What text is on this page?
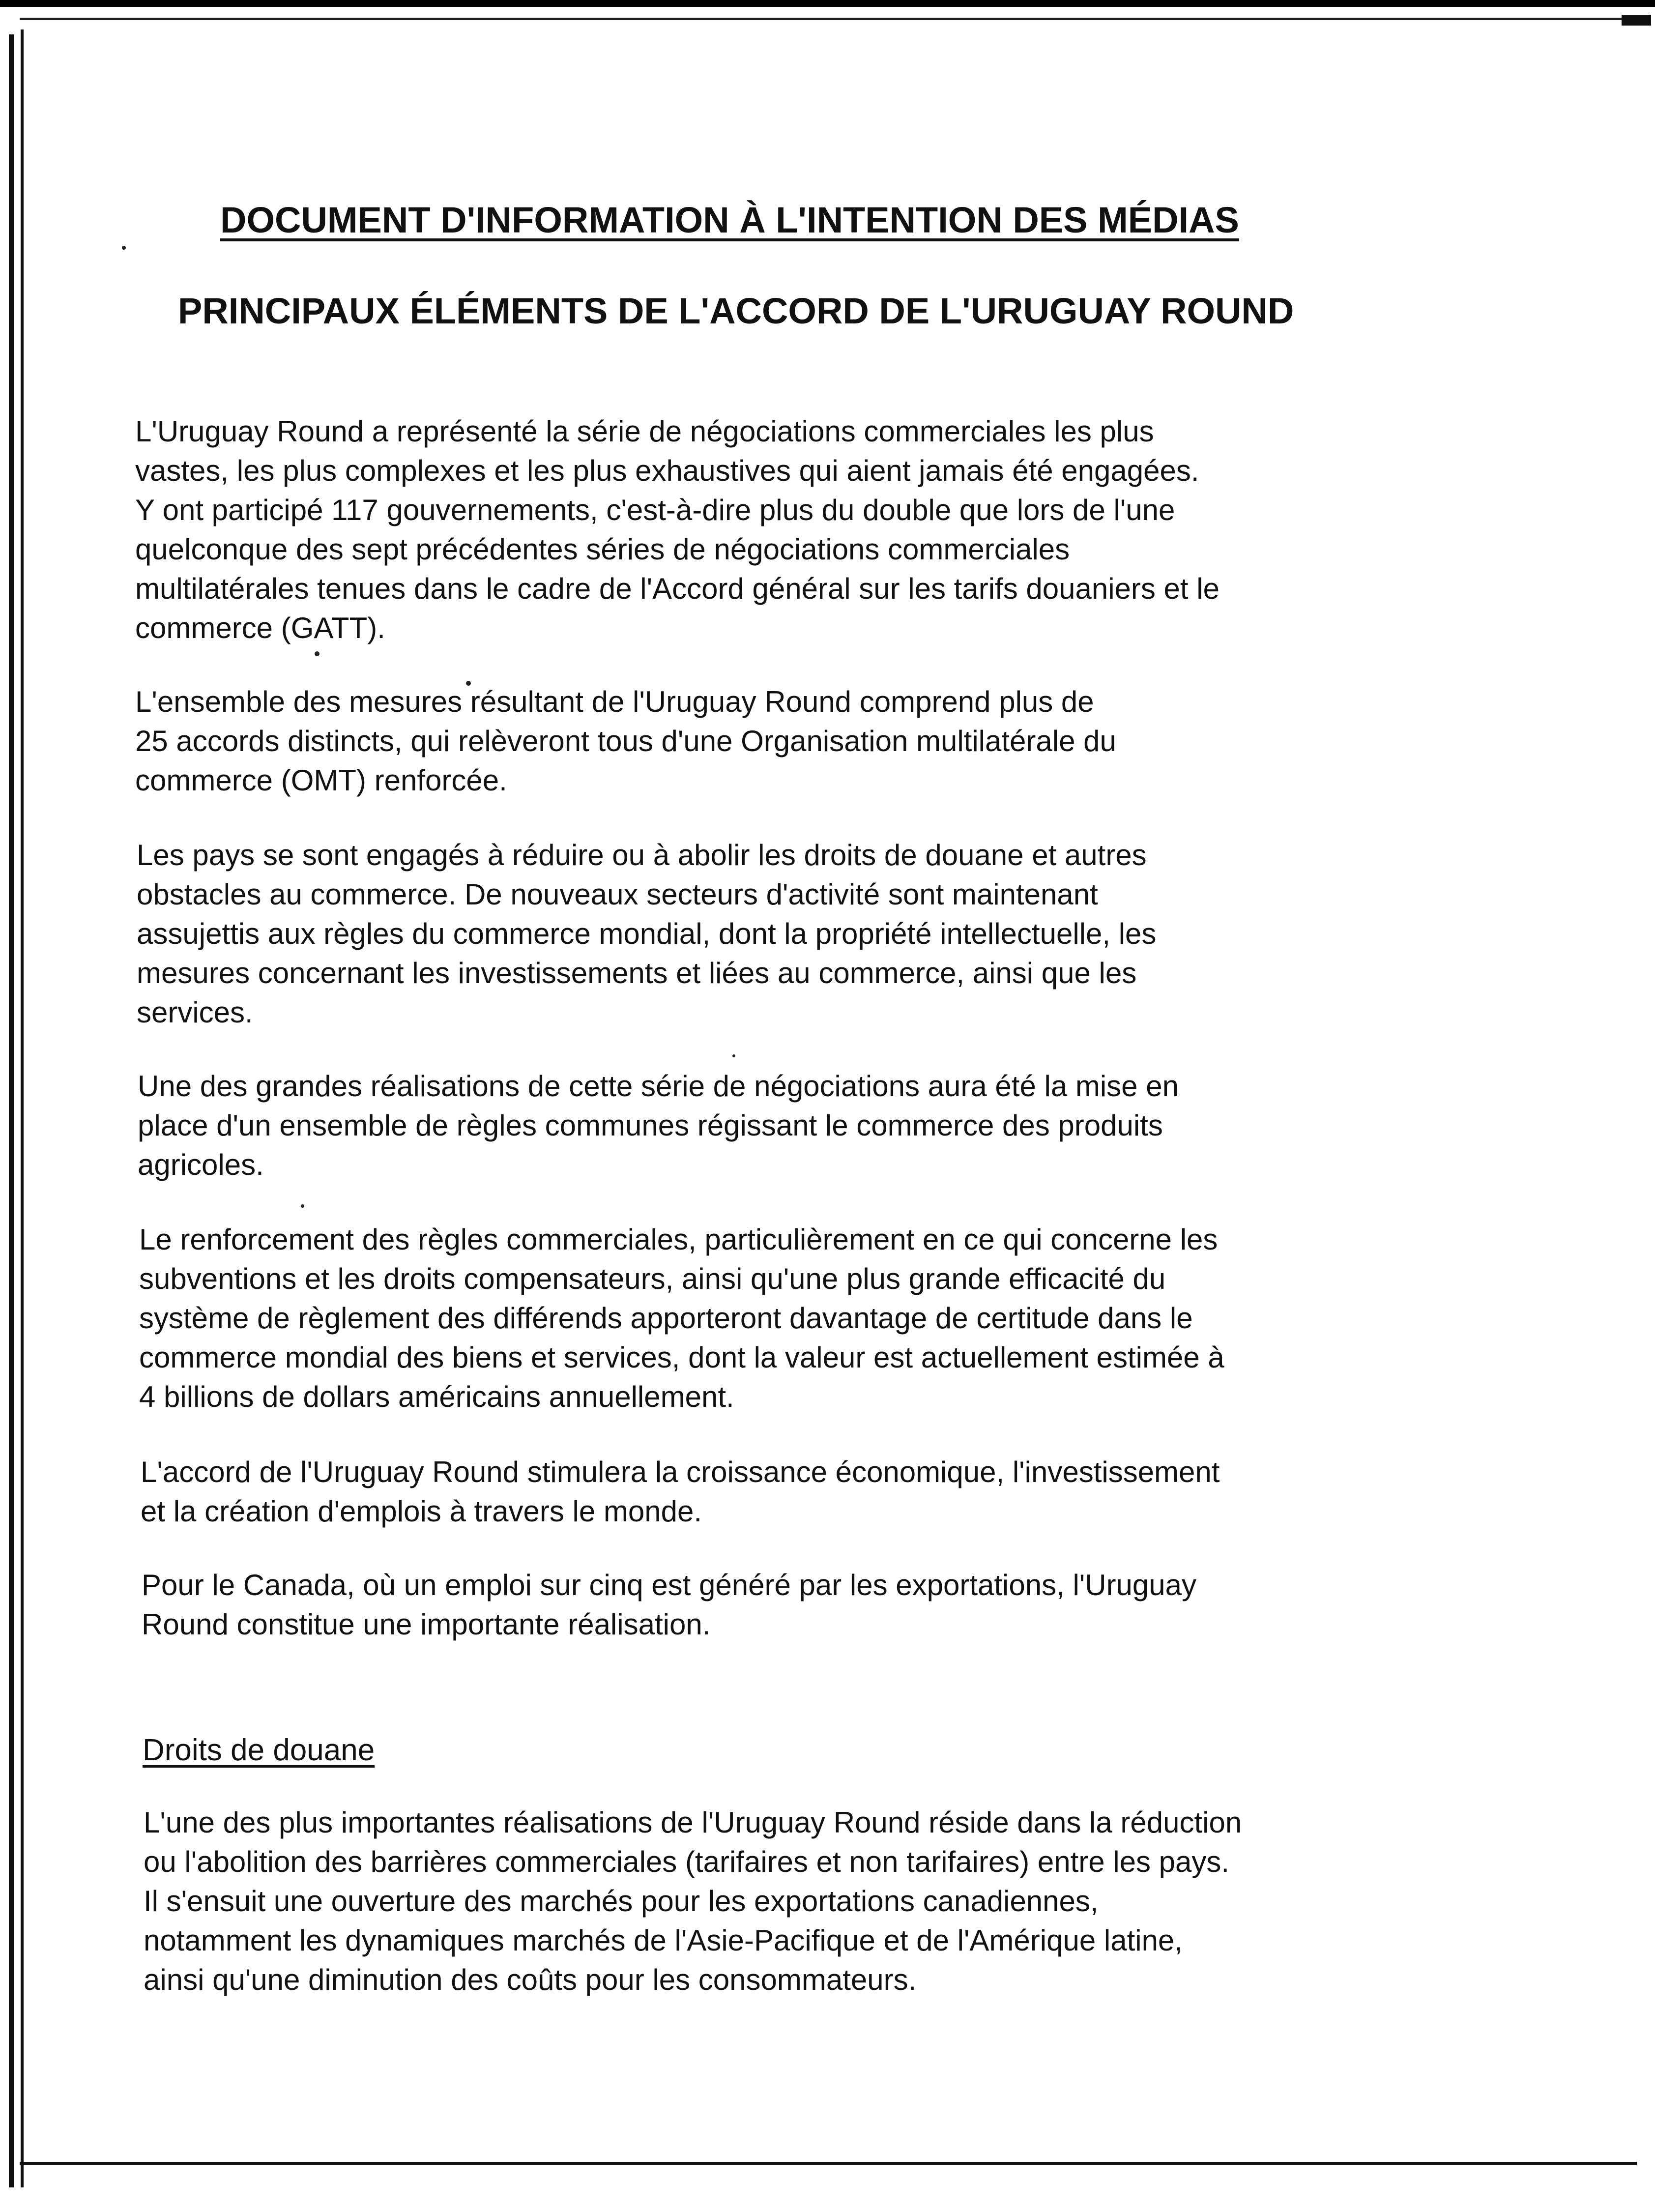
DOCUMENT D'INFORMATION À L'INTENTION DES MÉDIAS
PRINCIPAUX ÉLÉMENTS DE L'ACCORD DE L'URUGUAY ROUND
L'Uruguay Round a représenté la série de négociations commerciales les plus
vastes, les plus complexes et les plus exhaustives qui aient jamais été engagées.
Y ont participé 117 gouvernements, c'est-à-dire plus du double que lors de l'une
quelconque des sept précédentes séries de négociations commerciales
multilatérales tenues dans le cadre de l'Accord général sur les tarifs douaniers et le
commerce (GATT).
L'ensemble des mesures résultant de l'Uruguay Round comprend plus de
25 accords distincts, qui relèveront tous d'une Organisation multilatérale du
commerce (OMT) renforcée.
Les pays se sont engagés à réduire ou à abolir les droits de douane et autres
obstacles au commerce. De nouveaux secteurs d'activité sont maintenant
assujettis aux règles du commerce mondial, dont la propriété intellectuelle, les
mesures concernant les investissements et liées au commerce, ainsi que les
services.
Une des grandes réalisations de cette série de négociations aura été la mise en
place d'un ensemble de règles communes régissant le commerce des produits
agricoles.
Le renforcement des règles commerciales, particulièrement en ce qui concerne les
subventions et les droits compensateurs, ainsi qu'une plus grande efficacité du
système de règlement des différends apporteront davantage de certitude dans le
commerce mondial des biens et services, dont la valeur est actuellement estimée à
4 billions de dollars américains annuellement.
L'accord de l'Uruguay Round stimulera la croissance économique, l'investissement
et la création d'emplois à travers le monde.
Pour le Canada, où un emploi sur cinq est généré par les exportations, l'Uruguay
Round constitue une importante réalisation.
Droits de douane
L'une des plus importantes réalisations de l'Uruguay Round réside dans la réduction
ou l'abolition des barrières commerciales (tarifaires et non tarifaires) entre les pays.
Il s'ensuit une ouverture des marchés pour les exportations canadiennes,
notamment les dynamiques marchés de l'Asie-Pacifique et de l'Amérique latine,
ainsi qu'une diminution des coûts pour les consommateurs.
